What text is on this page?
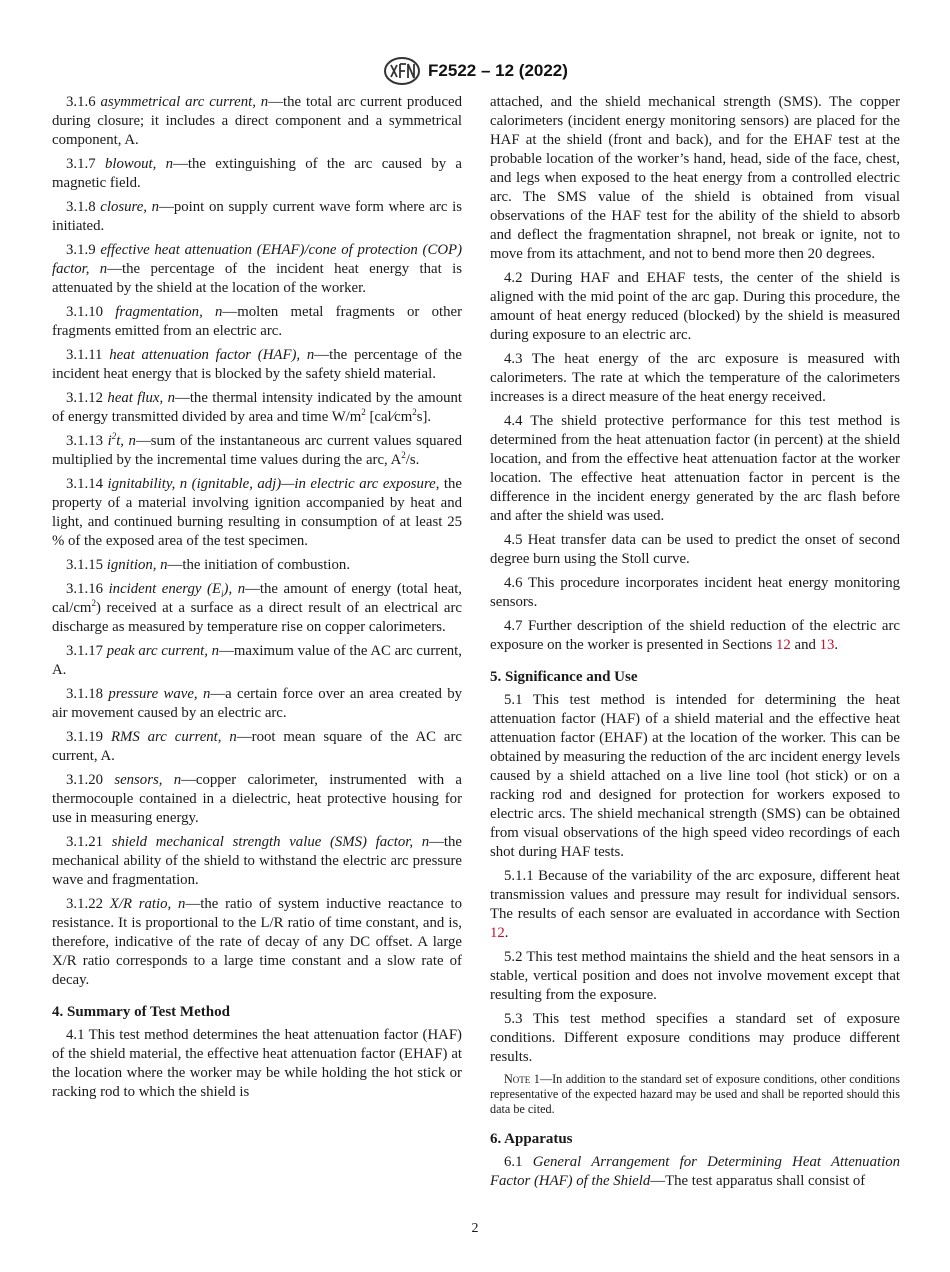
F2522 – 12 (2022)

3.1.6 asymmetrical arc current, n—the total arc current produced during closure; it includes a direct component and a symmetrical component, A.

3.1.7 blowout, n—the extinguishing of the arc caused by a magnetic field.

3.1.8 closure, n—point on supply current wave form where arc is initiated.

3.1.9 effective heat attenuation (EHAF)/cone of protection (COP) factor, n—the percentage of the incident heat energy that is attenuated by the shield at the location of the worker.

3.1.10 fragmentation, n—molten metal fragments or other fragments emitted from an electric arc.

3.1.11 heat attenuation factor (HAF), n—the percentage of the incident heat energy that is blocked by the safety shield material.

3.1.12 heat flux, n—the thermal intensity indicated by the amount of energy transmitted divided by area and time $W/m^2$ $[cal⁄cm^2s]$.

3.1.13 $i^2t$, n—sum of the instantaneous arc current values squared multiplied by the incremental time values during the arc, $A^2/s$.

3.1.14 ignitability, n (ignitable, adj)—in electric arc exposure, the property of a material involving ignition accompanied by heat and light, and continued burning resulting in consumption of at least 25 % of the exposed area of the test specimen.

3.1.15 ignition, n—the initiation of combustion.

3.1.16 incident energy $(E_i)$, n—the amount of energy (total heat, cal/$cm^2$) received at a surface as a direct result of an electrical arc discharge as measured by temperature rise on copper calorimeters.

3.1.17 peak arc current, n—maximum value of the AC arc current, A.

3.1.18 pressure wave, n—a certain force over an area created by air movement caused by an electric arc.

3.1.19 RMS arc current, n—root mean square of the AC arc current, A.

3.1.20 sensors, n—copper calorimeter, instrumented with a thermocouple contained in a dielectric, heat protective housing for use in measuring energy.

3.1.21 shield mechanical strength value (SMS) factor, n—the mechanical ability of the shield to withstand the electric arc pressure wave and fragmentation.

3.1.22 X/R ratio, n—the ratio of system inductive reactance to resistance. It is proportional to the L/R ratio of time constant, and is, therefore, indicative of the rate of decay of any DC offset. A large X/R ratio corresponds to a large time constant and a slow rate of decay.

4. Summary of Test Method

4.1 This test method determines the heat attenuation factor (HAF) of the shield material, the effective heat attenuation factor (EHAF) at the location where the worker may be while holding the hot stick or racking rod to which the shield is

attached, and the shield mechanical strength (SMS). The copper calorimeters (incident energy monitoring sensors) are placed for the HAF at the shield (front and back), and for the EHAF test at the probable location of the worker’s hand, head, side of the face, chest, and legs when exposed to the heat energy from a controlled electric arc. The SMS value of the shield is obtained from visual observations of the HAF test for the ability of the shield to absorb and deflect the fragmentation shrapnel, not break or ignite, not to move from its attachment, and not to bend more then 20 degrees.

4.2 During HAF and EHAF tests, the center of the shield is aligned with the mid point of the arc gap. During this procedure, the amount of heat energy reduced (blocked) by the shield is measured during exposure to an electric arc.

4.3 The heat energy of the arc exposure is measured with calorimeters. The rate at which the temperature of the calorimeters increases is a direct measure of the heat energy received.

4.4 The shield protective performance for this test method is determined from the heat attenuation factor (in percent) at the shield location, and from the effective heat attenuation factor at the worker location. The effective heat attenuation factor in percent is the difference in the incident energy generated by the arc flash before and after the shield was used.

4.5 Heat transfer data can be used to predict the onset of second degree burn using the Stoll curve.

4.6 This procedure incorporates incident heat energy monitoring sensors.

4.7 Further description of the shield reduction of the electric arc exposure on the worker is presented in Sections 12 and 13.

5. Significance and Use

5.1 This test method is intended for determining the heat attenuation factor (HAF) of a shield material and the effective heat attenuation factor (EHAF) at the location of the worker. This can be obtained by measuring the reduction of the arc incident energy levels caused by a shield attached on a live line tool (hot stick) or on a racking rod and designed for protection for workers exposed to electric arcs. The shield mechanical strength (SMS) can be obtained from visual observations of the high speed video recordings of each shot during HAF tests.

5.1.1 Because of the variability of the arc exposure, different heat transmission values and pressure may result for individual sensors. The results of each sensor are evaluated in accordance with Section 12.

5.2 This test method maintains the shield and the heat sensors in a stable, vertical position and does not involve movement except that resulting from the exposure.

5.3 This test method specifies a standard set of exposure conditions. Different exposure conditions may produce different results.

Note 1—In addition to the standard set of exposure conditions, other conditions representative of the expected hazard may be used and shall be reported should this data be cited.

6. Apparatus

6.1 General Arrangement for Determining Heat Attenuation Factor (HAF) of the Shield—The test apparatus shall consist of

2
